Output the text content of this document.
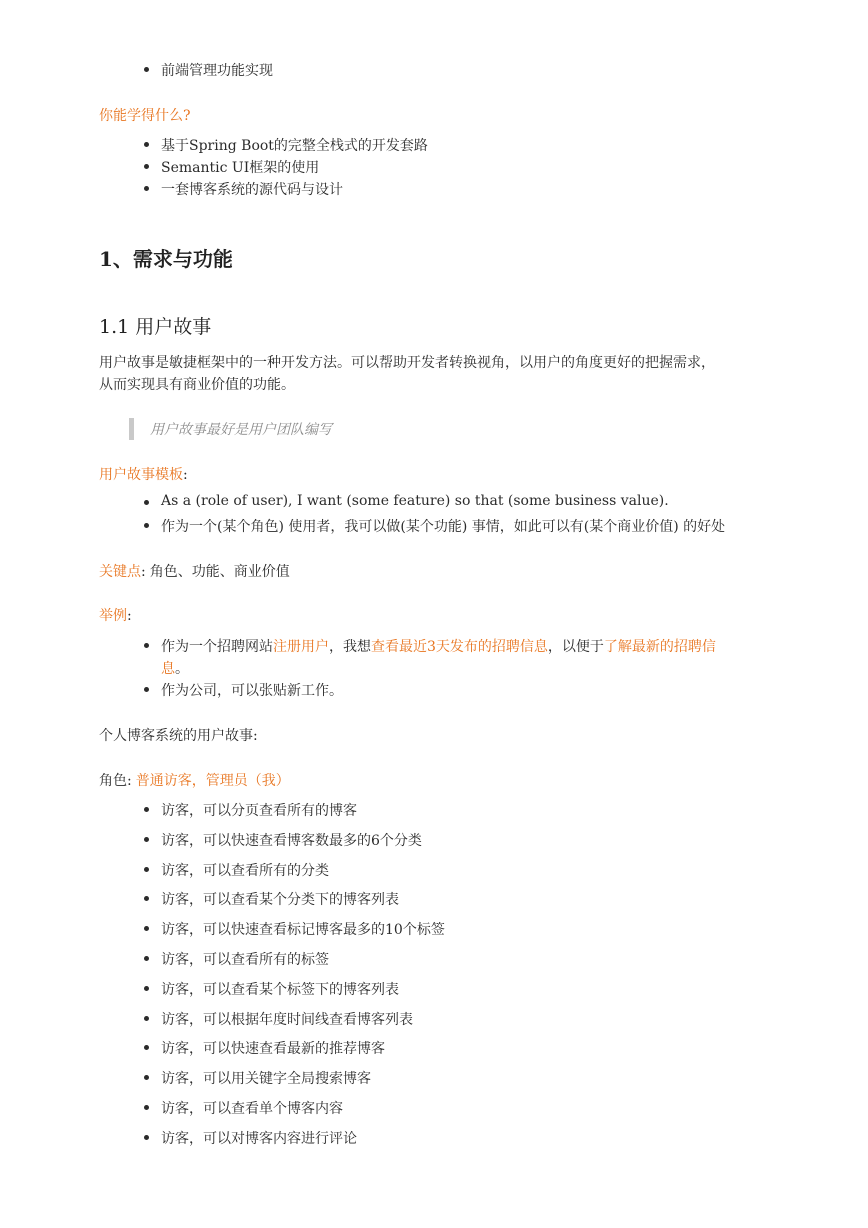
前端管理功能实现
你能学得什么?
基于Spring Boot的完整全栈式的开发套路
Semantic UI框架的使用
一套博客系统的源代码与设计
1、需求与功能
1.1 用户故事
用户故事是敏捷框架中的一种开发方法。可以帮助开发者转换视角，以用户的角度更好的把握需求，
从而实现具有商业价值的功能。
用户故事最好是用户团队编写
用户故事模板:
As a (role of user), I want (some feature) so that (some business value).
作为一个(某个角色) 使用者，我可以做(某个功能) 事情，如此可以有(某个商业价值) 的好处
关键点: 角色、功能、商业价值
举例:
作为一个招聘网站注册用户，我想查看最近3天发布的招聘信息，以便于了解最新的招聘信
息。
作为公司，可以张贴新工作。
个人博客系统的用户故事:
角色: 普通访客，管理员（我）
访客，可以分页查看所有的博客
访客，可以快速查看博客数最多的6个分类
访客，可以查看所有的分类
访客，可以查看某个分类下的博客列表
访客，可以快速查看标记博客最多的10个标签
访客，可以查看所有的标签
访客，可以查看某个标签下的博客列表
访客，可以根据年度时间线查看博客列表
访客，可以快速查看最新的推荐博客
访客，可以用关键字全局搜索博客
访客，可以查看单个博客内容
访客，可以对博客内容进行评论
